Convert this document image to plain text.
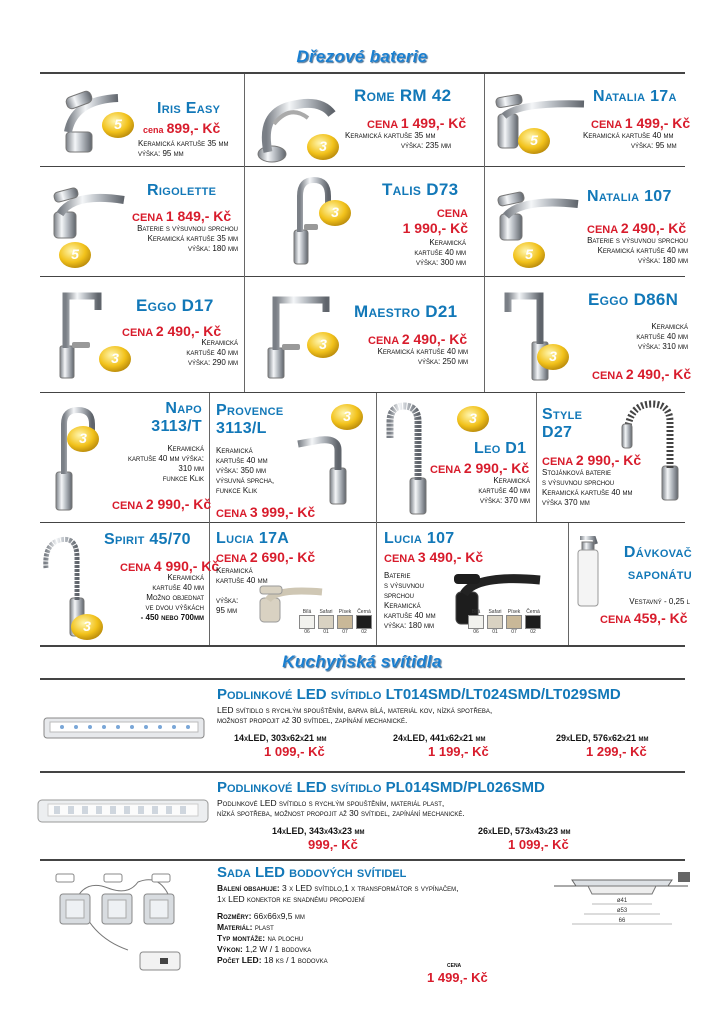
Dřezové baterie
5
Iris Easy
cena 899,- Kč
Keramická kartuše 35 mm
výška: 95 mm	3
Rome RM 42
CENA 1 499,- Kč
Keramická kartuše 35 mm
výška: 235 mm	5
Natalia 17a
CENA 1 499,- Kč
Keramická kartuše 40 mm
výška: 95 mm
5
Rigolette
CENA 1 849,- Kč
Baterie s výsuvnou sprchou
Keramická kartuše 35 mm
výška: 180 mm
3
Talis D73
CENA
1 990,- Kč
Keramická
kartuše 40 mm
výška: 300 mm
5
Natalia 107
CENA 2 490,- Kč
Baterie s výsuvnou sprchou
Keramická kartuše 40 mm
výška: 180 mm
3
Eggo D17
CENA 2 490,- Kč
Keramická
kartuše 40 mm
výška: 290 mm
3
Maestro D21
CENA 2 490,- Kč
Keramická kartuše 40 mm
výška: 250 mm	3
Eggo D86N
Keramická
kartuše 40 mm
výška: 310 mm
CENA 2 490,- Kč
3
Napo 3113/T
Keramická
kartuše 40 mm výška:
310 mm
funkce Klik
CENA 2 990,- Kč
Provence 3113/L
3
Keramická
kartuše 40 mm
výška: 350 mm
výsuvná sprcha,
funkce Klik
CENA 3 999,- Kč
3
Leo D1
CENA 2 990,- Kč
Keramická
kartuše 40 mm
výška: 370 mm
Style D27
CENA 2 990,- Kč
Stojánková baterie
s výsuvnou sprchou
Keramická kartuše 40 mm
výška 370 mm
3
Spirit 45/70
CENA 4 990,- Kč
Keramická
kartuše 40 mm
Možno objednat
ve dvou výškách
- 450 nebo 700mm
Lucia 17A
CENA 2 690,- Kč
Keramická
kartuše 40 mm
výška:
95 mm	Bílá
06
Safari
01
Písek
07
Černá
02
Lucia 107
CENA 3 490,- Kč
Baterie
s výsuvnou
sprchou
Keramická
kartuše 40 mm
výška: 180 mm
Bílá
06
Safari
01
Písek
07
Černá
02
Dávkovač saponátu
Vestavný - 0,25 l
CENA 459,- Kč
Kuchyňská svítidla
Podlinkové LED svítidlo LT014SMD/LT024SMD/LT029SMD
LED svítidlo s rychlým spouštěním, barva bílá, materiál kov, nízká spotřeba,
možnost propojit až 30 svítidel, zapínání mechanické.
14xLED, 303x62x21 mm
1 099,- Kč
24xLED, 441x62x21 mm
1 199,- Kč
29xLED, 576x62x21 mm
1 299,- Kč
Podlinkové LED svítidlo PL014SMD/PL026SMD
Podlinkové LED svítidlo s rychlým spouštěním, materiál plast,
nízká spotřeba, možnost propojit až 30 svítidel, zapínání mechanické.
14xLED, 343x43x23 mm
999,- Kč
26xLED, 573x43x23 mm
1 099,- Kč
Sada LED bodových svítidel
Balení obsahuje: 3 x LED svítidlo,1 x transformátor s vypínačem,
1x LED konektor ke snadnému propojení
Rozměry: 66x66x9,5 mm
Materiál: plast
Typ montáže: na plochu
Výkon: 1,2 W / 1 bodovka
Počet LED: 18 ks / 1 bodovka
cena
1 499,- Kč
ø41
ø53
66
